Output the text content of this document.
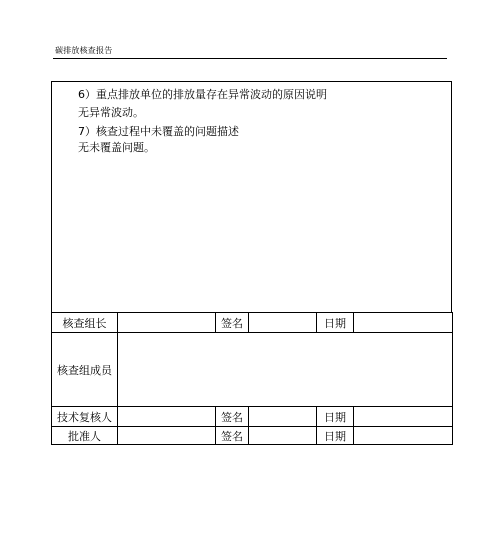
碳排放核查报告
6）重点排放单位的排放量存在异常波动的原因说明
无异常波动。
7）核查过程中未覆盖的问题描述
无未覆盖问题。
核查组长		签名		日期	
核查组成员					
技术复核人		签名		日期	
批准人		签名		日期	
